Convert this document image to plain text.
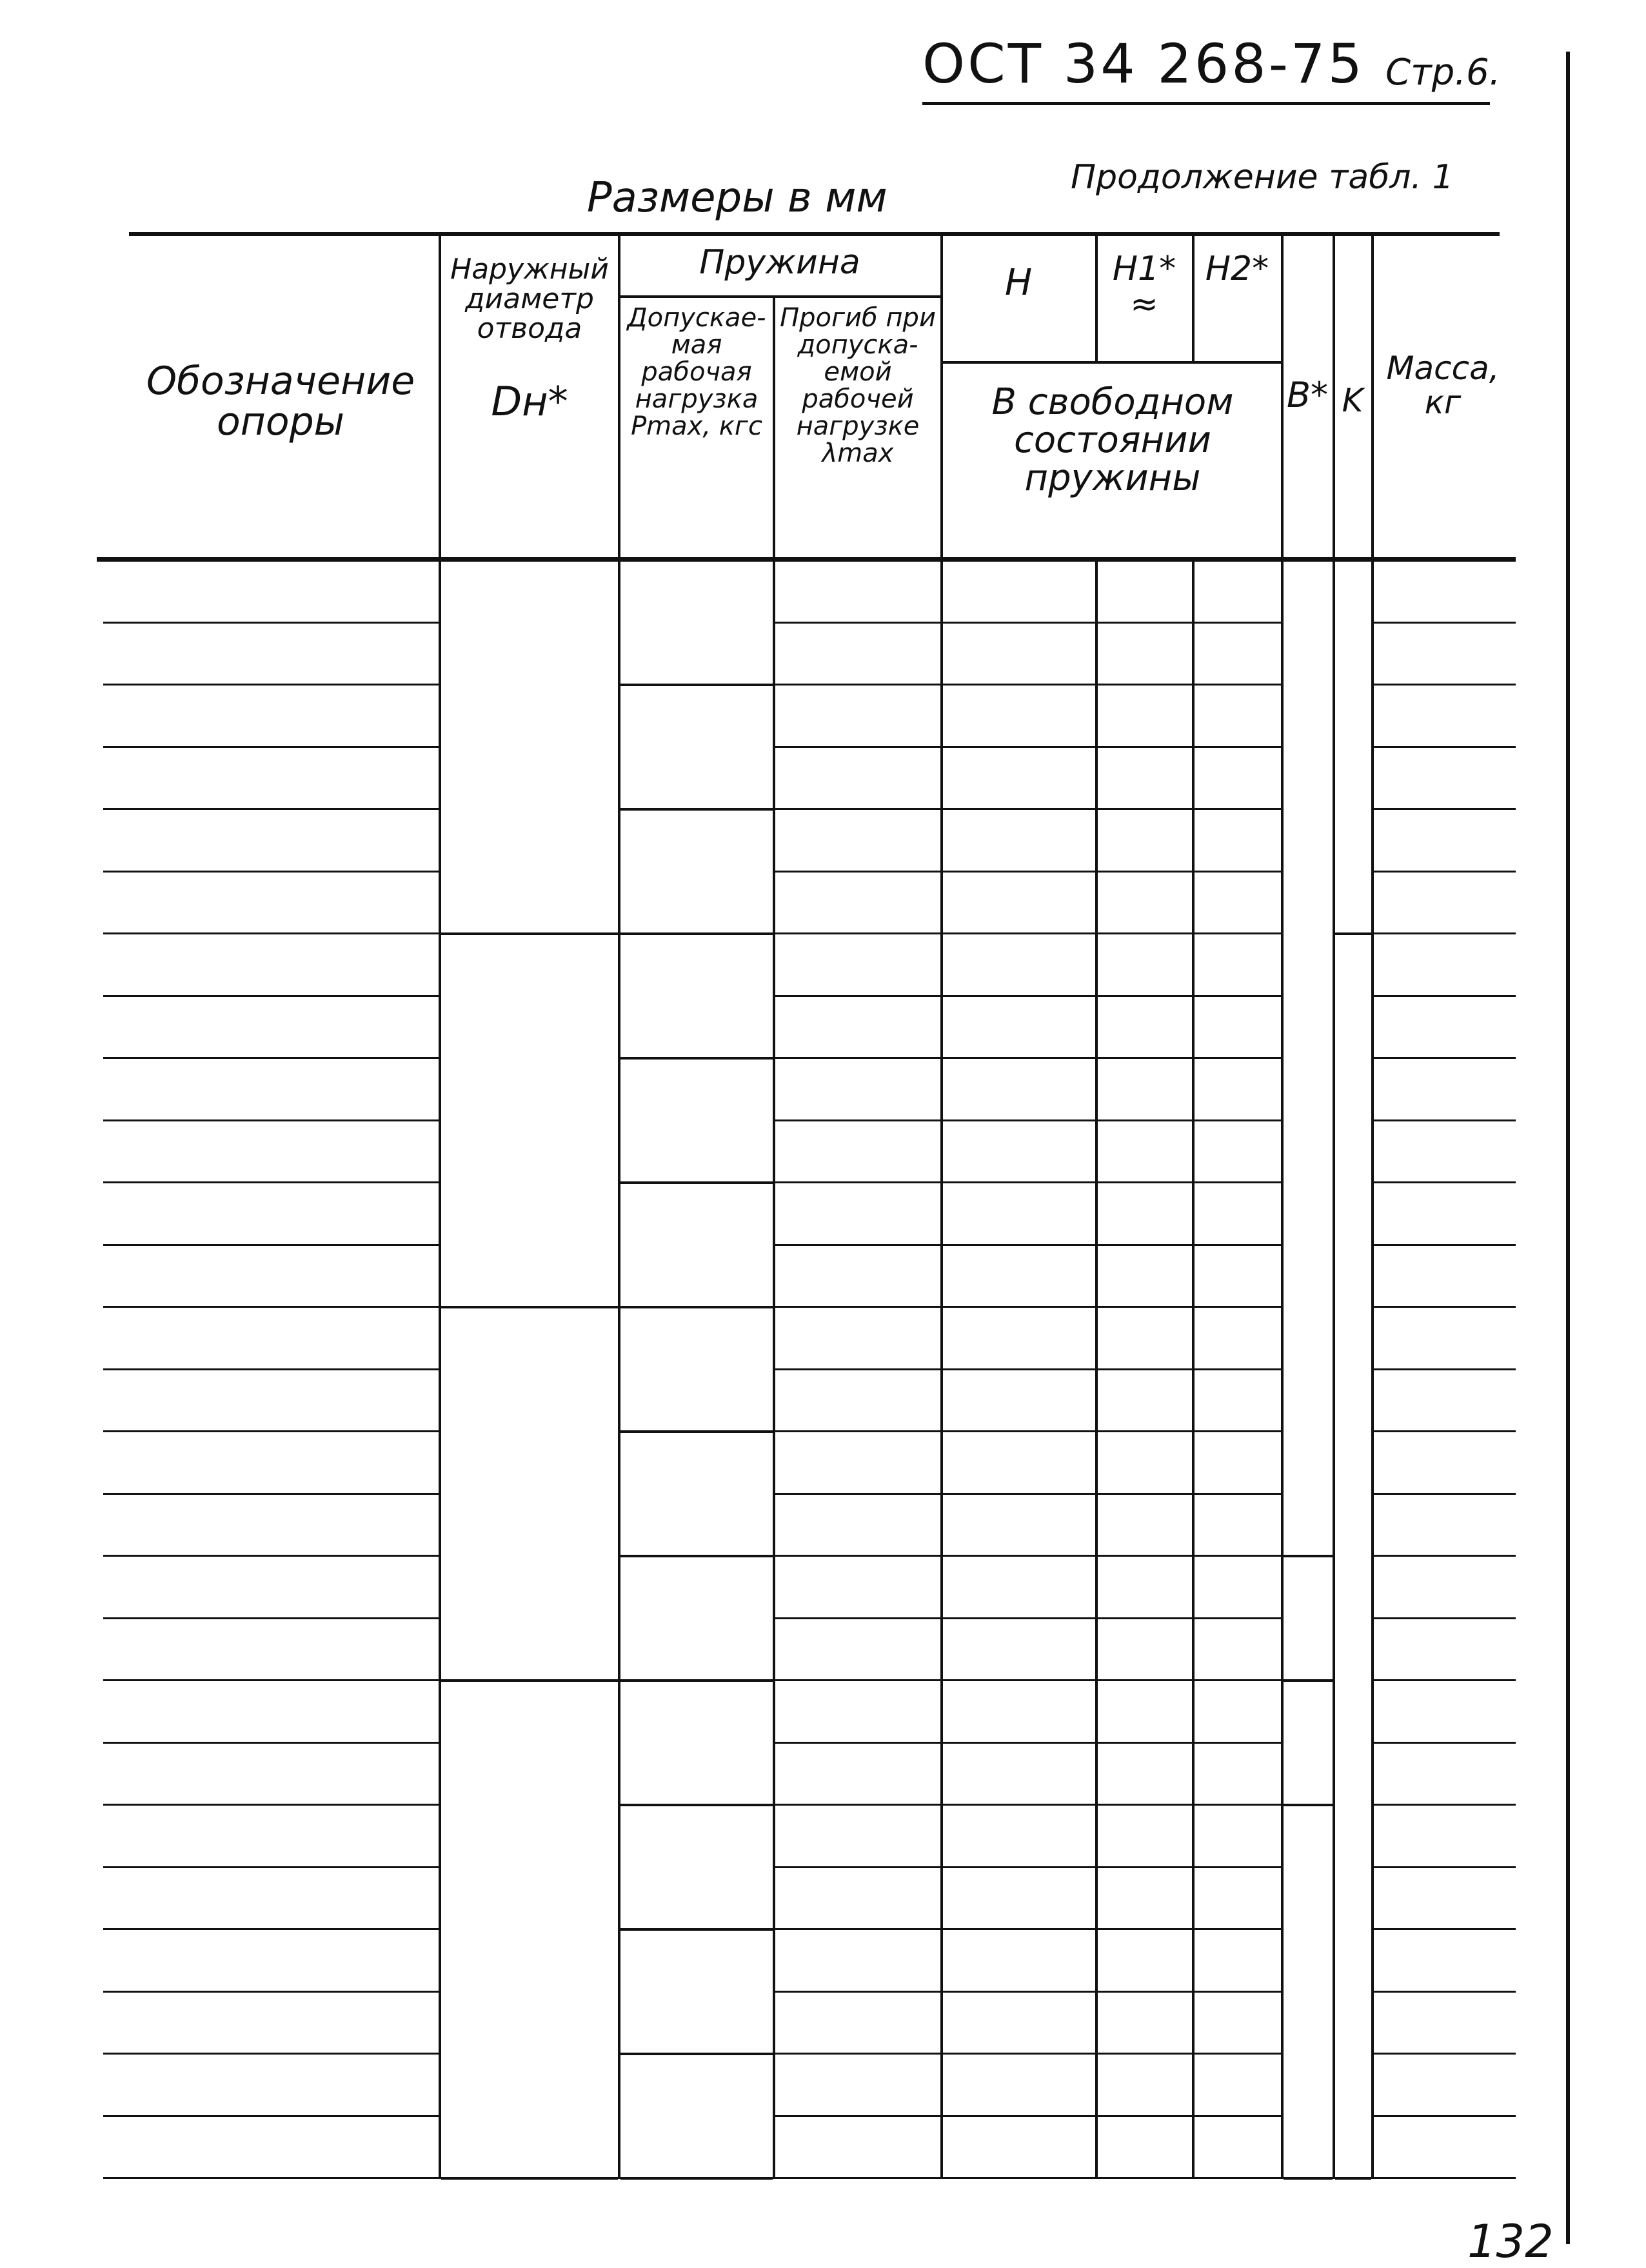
ОСТ 34 268-75 Стр.6.
Размеры в мм	Продолжение табл. 1
Обозначение опоры
Наружный диаметр отвода
Dн*
Пружина
Допускае- мая рабочая нагрузка Pmax, кгс
Прогиб при допуска- емой рабочей нагрузке λmax
H	H1* ≈
H2*
В свободном состоянии пружины
B* K
Масса, кг
132
